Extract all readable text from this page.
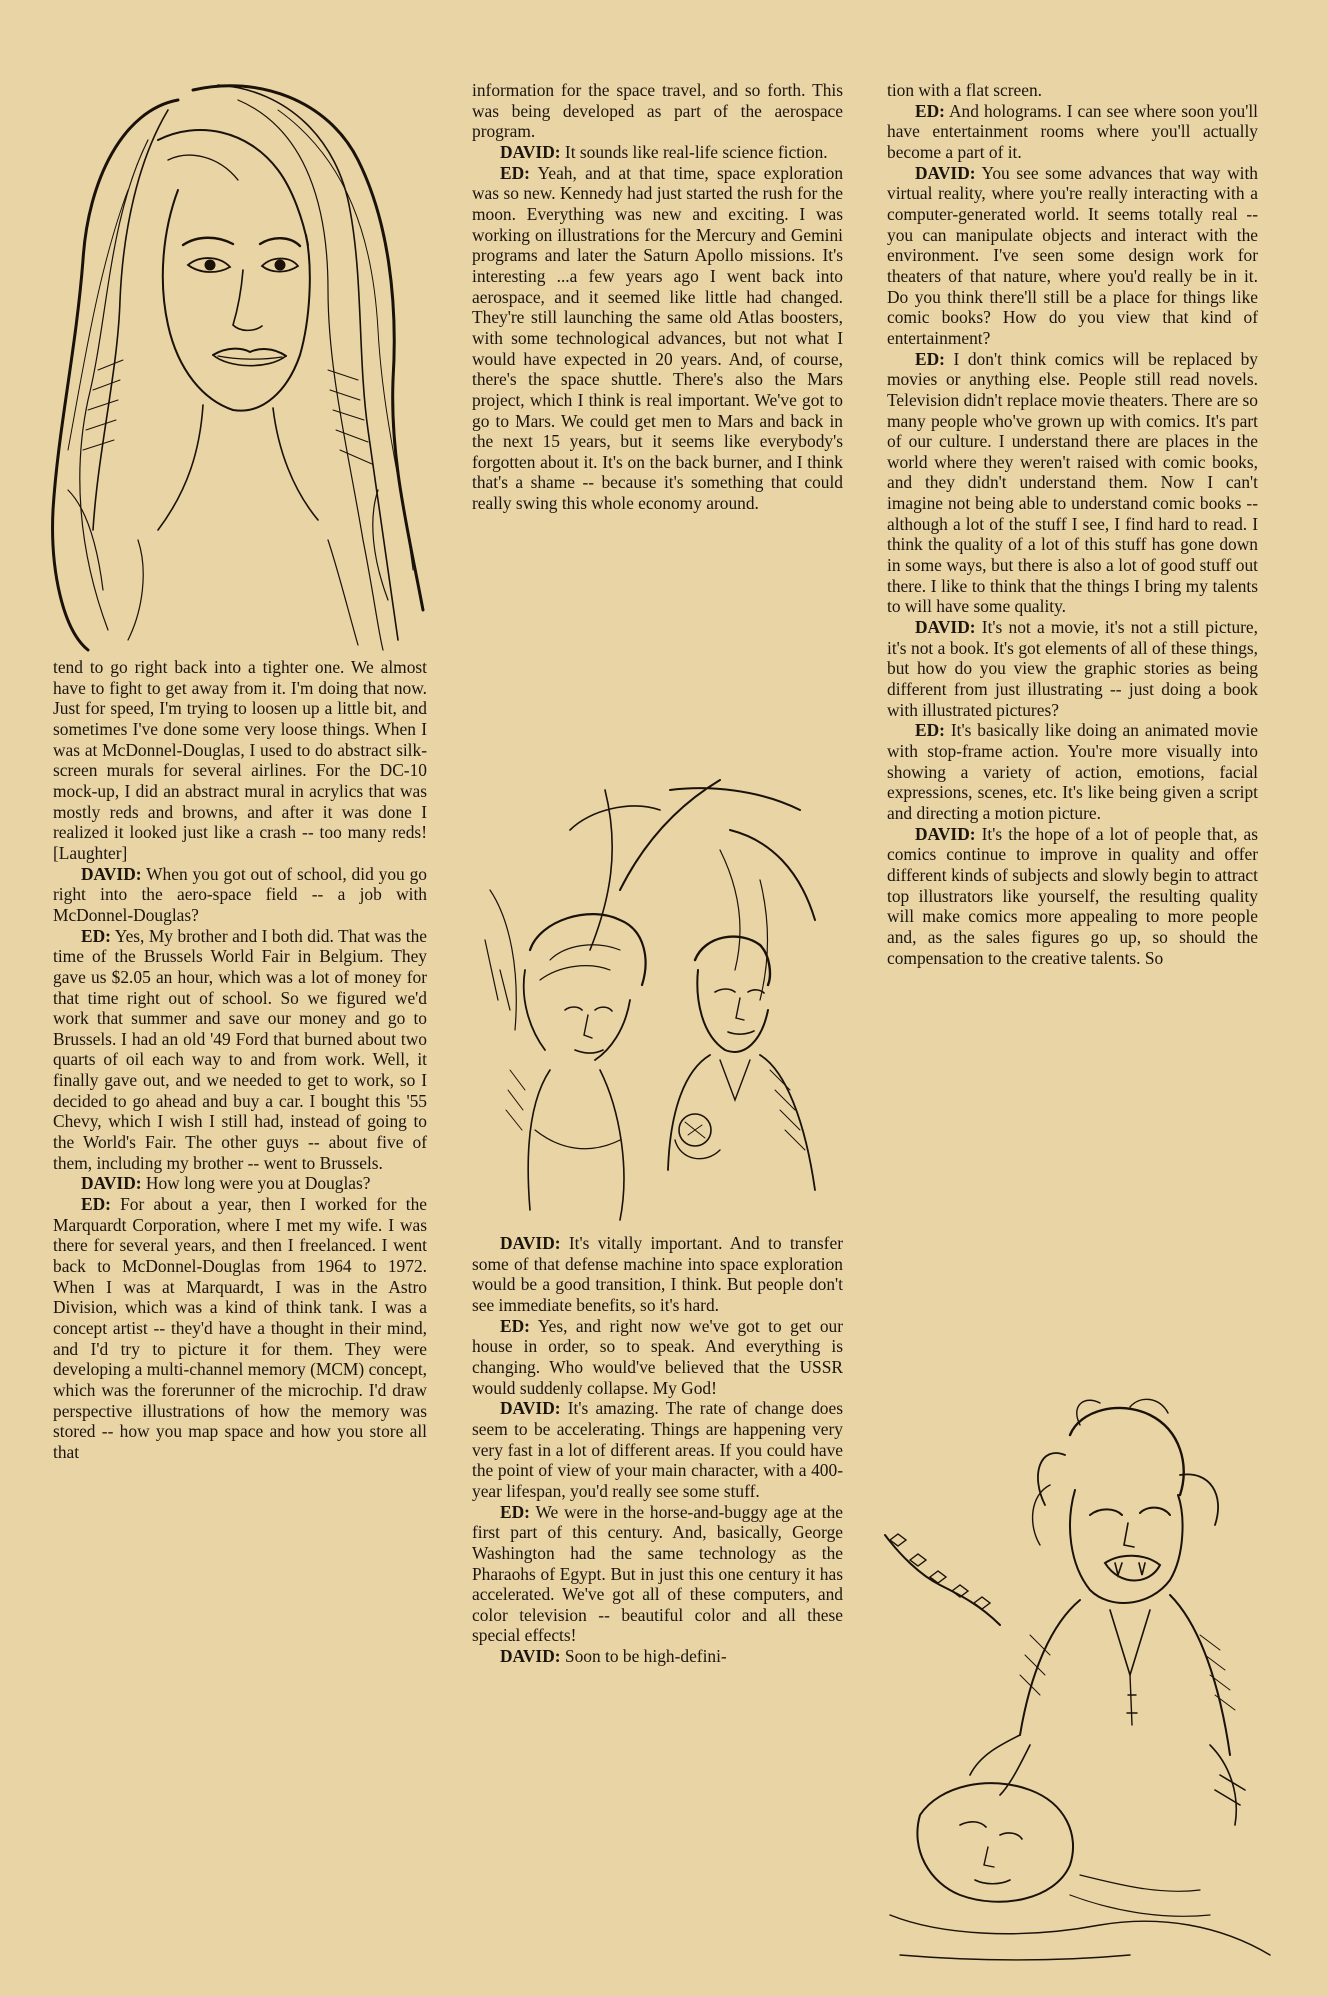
tend to go right back into a tighter one. We almost have to fight to get away from it. I'm doing that now. Just for speed, I'm trying to loosen up a little bit, and sometimes I've done some very loose things. When I was at McDonnel-Douglas, I used to do abstract silk-screen murals for several airlines. For the DC-10 mock-up, I did an abstract mural in acrylics that was mostly reds and browns, and after it was done I realized it looked just like a crash -- too many reds! [Laughter]

DAVID: When you got out of school, did you go right into the aero-space field -- a job with McDonnel-Douglas?

ED: Yes, My brother and I both did. That was the time of the Brussels World Fair in Belgium. They gave us $2.05 an hour, which was a lot of money for that time right out of school. So we figured we'd work that summer and save our money and go to Brussels. I had an old '49 Ford that burned about two quarts of oil each way to and from work. Well, it finally gave out, and we needed to get to work, so I decided to go ahead and buy a car. I bought this '55 Chevy, which I wish I still had, instead of going to the World's Fair. The other guys -- about five of them, including my brother -- went to Brussels.

DAVID: How long were you at Douglas?

ED: For about a year, then I worked for the Marquardt Corporation, where I met my wife. I was there for several years, and then I freelanced. I went back to McDonnel-Douglas from 1964 to 1972. When I was at Marquardt, I was in the Astro Division, which was a kind of think tank. I was a concept artist -- they'd have a thought in their mind, and I'd try to picture it for them. They were developing a multi-channel memory (MCM) concept, which was the forerunner of the microchip. I'd draw perspective illustrations of how the memory was stored -- how you map space and how you store all that

information for the space travel, and so forth. This was being developed as part of the aerospace program.

DAVID: It sounds like real-life science fiction.

ED: Yeah, and at that time, space exploration was so new. Kennedy had just started the rush for the moon. Everything was new and exciting. I was working on illustrations for the Mercury and Gemini programs and later the Saturn Apollo missions. It's interesting ...a few years ago I went back into aerospace, and it seemed like little had changed. They're still launching the same old Atlas boosters, with some technological advances, but not what I would have expected in 20 years. And, of course, there's the space shuttle. There's also the Mars project, which I think is real important. We've got to go to Mars. We could get men to Mars and back in the next 15 years, but it seems like everybody's forgotten about it. It's on the back burner, and I think that's a shame -- because it's something that could really swing this whole economy around.

DAVID: It's vitally important. And to transfer some of that defense machine into space exploration would be a good transition, I think. But people don't see immediate benefits, so it's hard.

ED: Yes, and right now we've got to get our house in order, so to speak. And everything is changing. Who would've believed that the USSR would suddenly collapse. My God!

DAVID: It's amazing. The rate of change does seem to be accelerating. Things are happening very very fast in a lot of different areas. If you could have the point of view of your main character, with a 400-year lifespan, you'd really see some stuff.

ED: We were in the horse-and-buggy age at the first part of this century. And, basically, George Washington had the same technology as the Pharaohs of Egypt. But in just this one century it has accelerated. We've got all of these computers, and color television -- beautiful color and all these special effects!

DAVID: Soon to be high-defini-

tion with a flat screen.

ED: And holograms. I can see where soon you'll have entertainment rooms where you'll actually become a part of it.

DAVID: You see some advances that way with virtual reality, where you're really interacting with a computer-generated world. It seems totally real -- you can manipulate objects and interact with the environment. I've seen some design work for theaters of that nature, where you'd really be in it. Do you think there'll still be a place for things like comic books? How do you view that kind of entertainment?

ED: I don't think comics will be replaced by movies or anything else. People still read novels. Television didn't replace movie theaters. There are so many people who've grown up with comics. It's part of our culture. I understand there are places in the world where they weren't raised with comic books, and they didn't understand them. Now I can't imagine not being able to understand comic books -- although a lot of the stuff I see, I find hard to read. I think the quality of a lot of this stuff has gone down in some ways, but there is also a lot of good stuff out there. I like to think that the things I bring my talents to will have some quality.

DAVID: It's not a movie, it's not a still picture, it's not a book. It's got elements of all of these things, but how do you view the graphic stories as being different from just illustrating -- just doing a book with illustrated pictures?

ED: It's basically like doing an animated movie with stop-frame action. You're more visually into showing a variety of action, emotions, facial expressions, scenes, etc. It's like being given a script and directing a motion picture.

DAVID: It's the hope of a lot of people that, as comics continue to improve in quality and offer different kinds of subjects and slowly begin to attract top illustrators like yourself, the resulting quality will make comics more appealing to more people and, as the sales figures go up, so should the compensation to the creative talents. So
